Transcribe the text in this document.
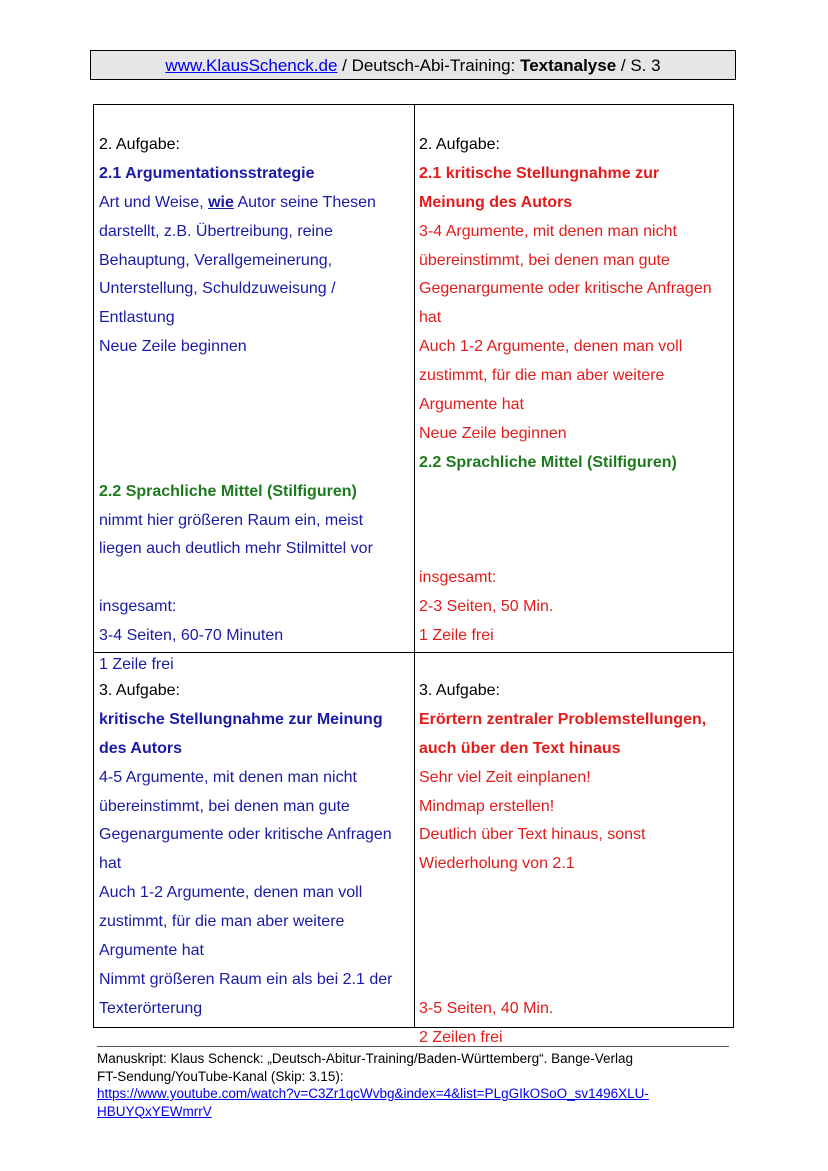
www.KlausSchenck.de / Deutsch-Abi-Training: Textanalyse / S. 3
2. Aufgabe:
2.1 Argumentationsstrategie
Art und Weise, wie Autor seine Thesen
darstellt, z.B. Übertreibung, reine
Behauptung, Verallgemeinerung,
Unterstellung, Schuldzuweisung /
Entlastung
Neue Zeile beginnen
2.2 Sprachliche Mittel (Stilfiguren)
nimmt hier größeren Raum ein, meist
liegen auch deutlich mehr Stilmittel vor
insgesamt:
3-4 Seiten, 60-70 Minuten
1 Zeile frei
2. Aufgabe:
2.1 kritische Stellungnahme zur
Meinung des Autors
3-4 Argumente, mit denen man nicht
übereinstimmt, bei denen man gute
Gegenargumente oder kritische Anfragen
hat
Auch 1-2 Argumente, denen man voll
zustimmt, für die man aber weitere
Argumente hat
Neue Zeile beginnen
2.2 Sprachliche Mittel (Stilfiguren)
insgesamt:
2-3 Seiten, 50 Min.
1 Zeile frei
3. Aufgabe:
kritische Stellungnahme zur Meinung
des Autors
4-5 Argumente, mit denen man nicht
übereinstimmt, bei denen man gute
Gegenargumente oder kritische Anfragen
hat
Auch 1-2 Argumente, denen man voll
zustimmt, für die man aber weitere
Argumente hat
Nimmt größeren Raum ein als bei 2.1 der
Texterörterung
3. Aufgabe:
Erörtern zentraler Problemstellungen,
auch über den Text hinaus
Sehr viel Zeit einplanen!
Mindmap erstellen!
Deutlich über Text hinaus, sonst
Wiederholung von 2.1
3-5 Seiten, 40 Min.
2 Zeilen frei
Manuskript: Klaus Schenck: „Deutsch-Abitur-Training/Baden-Württemberg“. Bange-Verlag
FT-Sendung/YouTube-Kanal (Skip: 3.15):
https://www.youtube.com/watch?v=C3Zr1qcWvbg&index=4&list=PLgGIkOSoO_sv1496XLU-
HBUYQxYEWmrrV
